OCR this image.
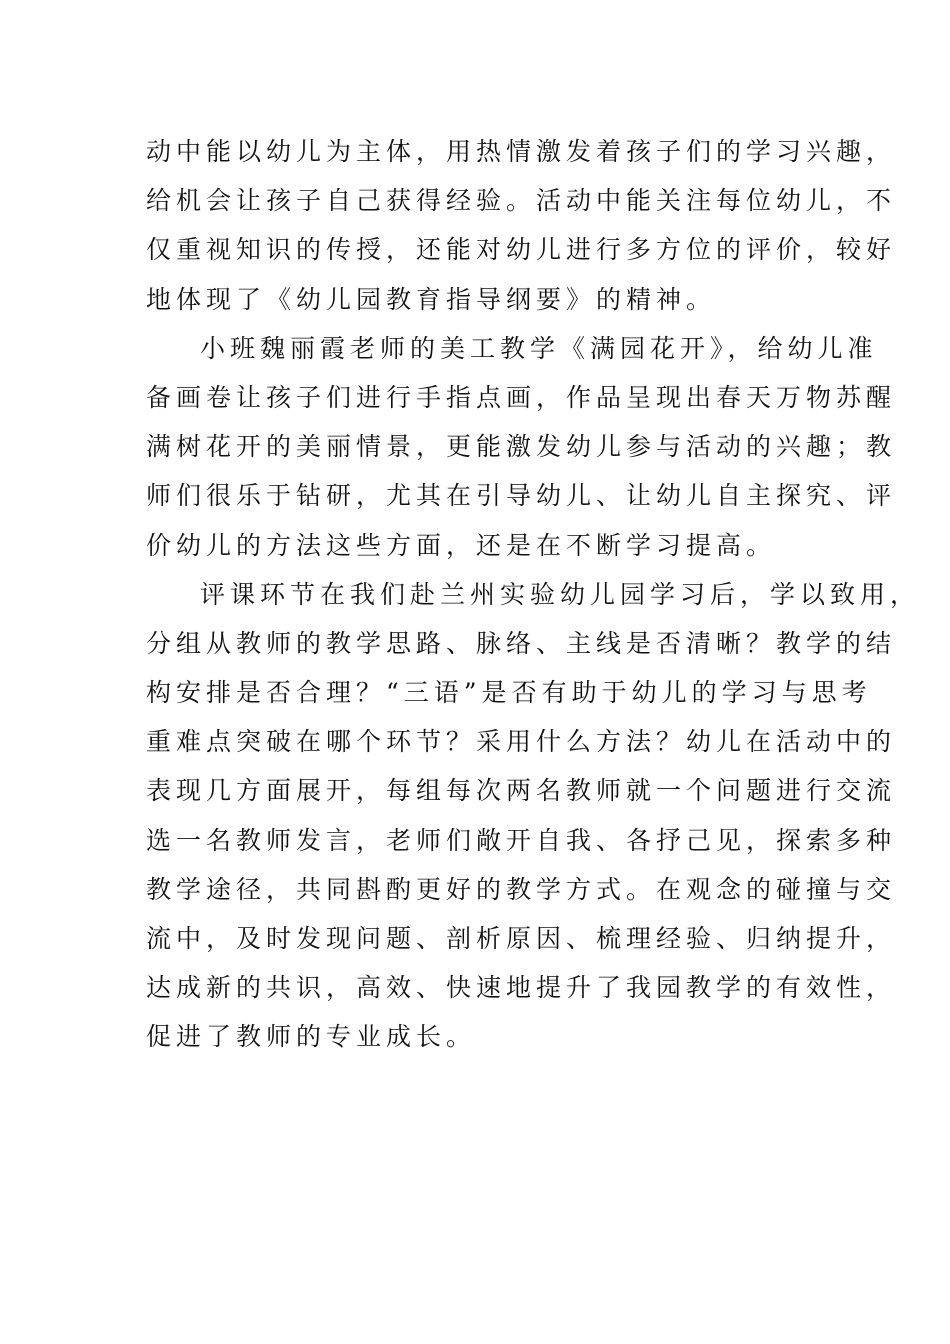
动中能以幼儿为主体，用热情激发着孩子们的学习兴趣，
给机会让孩子自己获得经验。活动中能关注每位幼儿，不
仅重视知识的传授，还能对幼儿进行多方位的评价，较好
地体现了《幼儿园教育指导纲要》的精神。
小班魏丽霞老师的美工教学《满园花开》，给幼儿准
备画卷让孩子们进行手指点画，作品呈现出春天万物苏醒
满树花开的美丽情景，更能激发幼儿参与活动的兴趣；教
师们很乐于钻研，尤其在引导幼儿、让幼儿自主探究、评
价幼儿的方法这些方面，还是在不断学习提高。
评课环节在我们赴兰州实验幼儿园学习后，学以致用，
分组从教师的教学思路、脉络、主线是否清晰？教学的结
构安排是否合理？“三语”是否有助于幼儿的学习与思考
重难点突破在哪个环节？采用什么方法？幼儿在活动中的
表现几方面展开，每组每次两名教师就一个问题进行交流
选一名教师发言，老师们敞开自我、各抒己见，探索多种
教学途径，共同斟酌更好的教学方式。在观念的碰撞与交
流中，及时发现问题、剖析原因、梳理经验、归纳提升，
达成新的共识，高效、快速地提升了我园教学的有效性，
促进了教师的专业成长。
